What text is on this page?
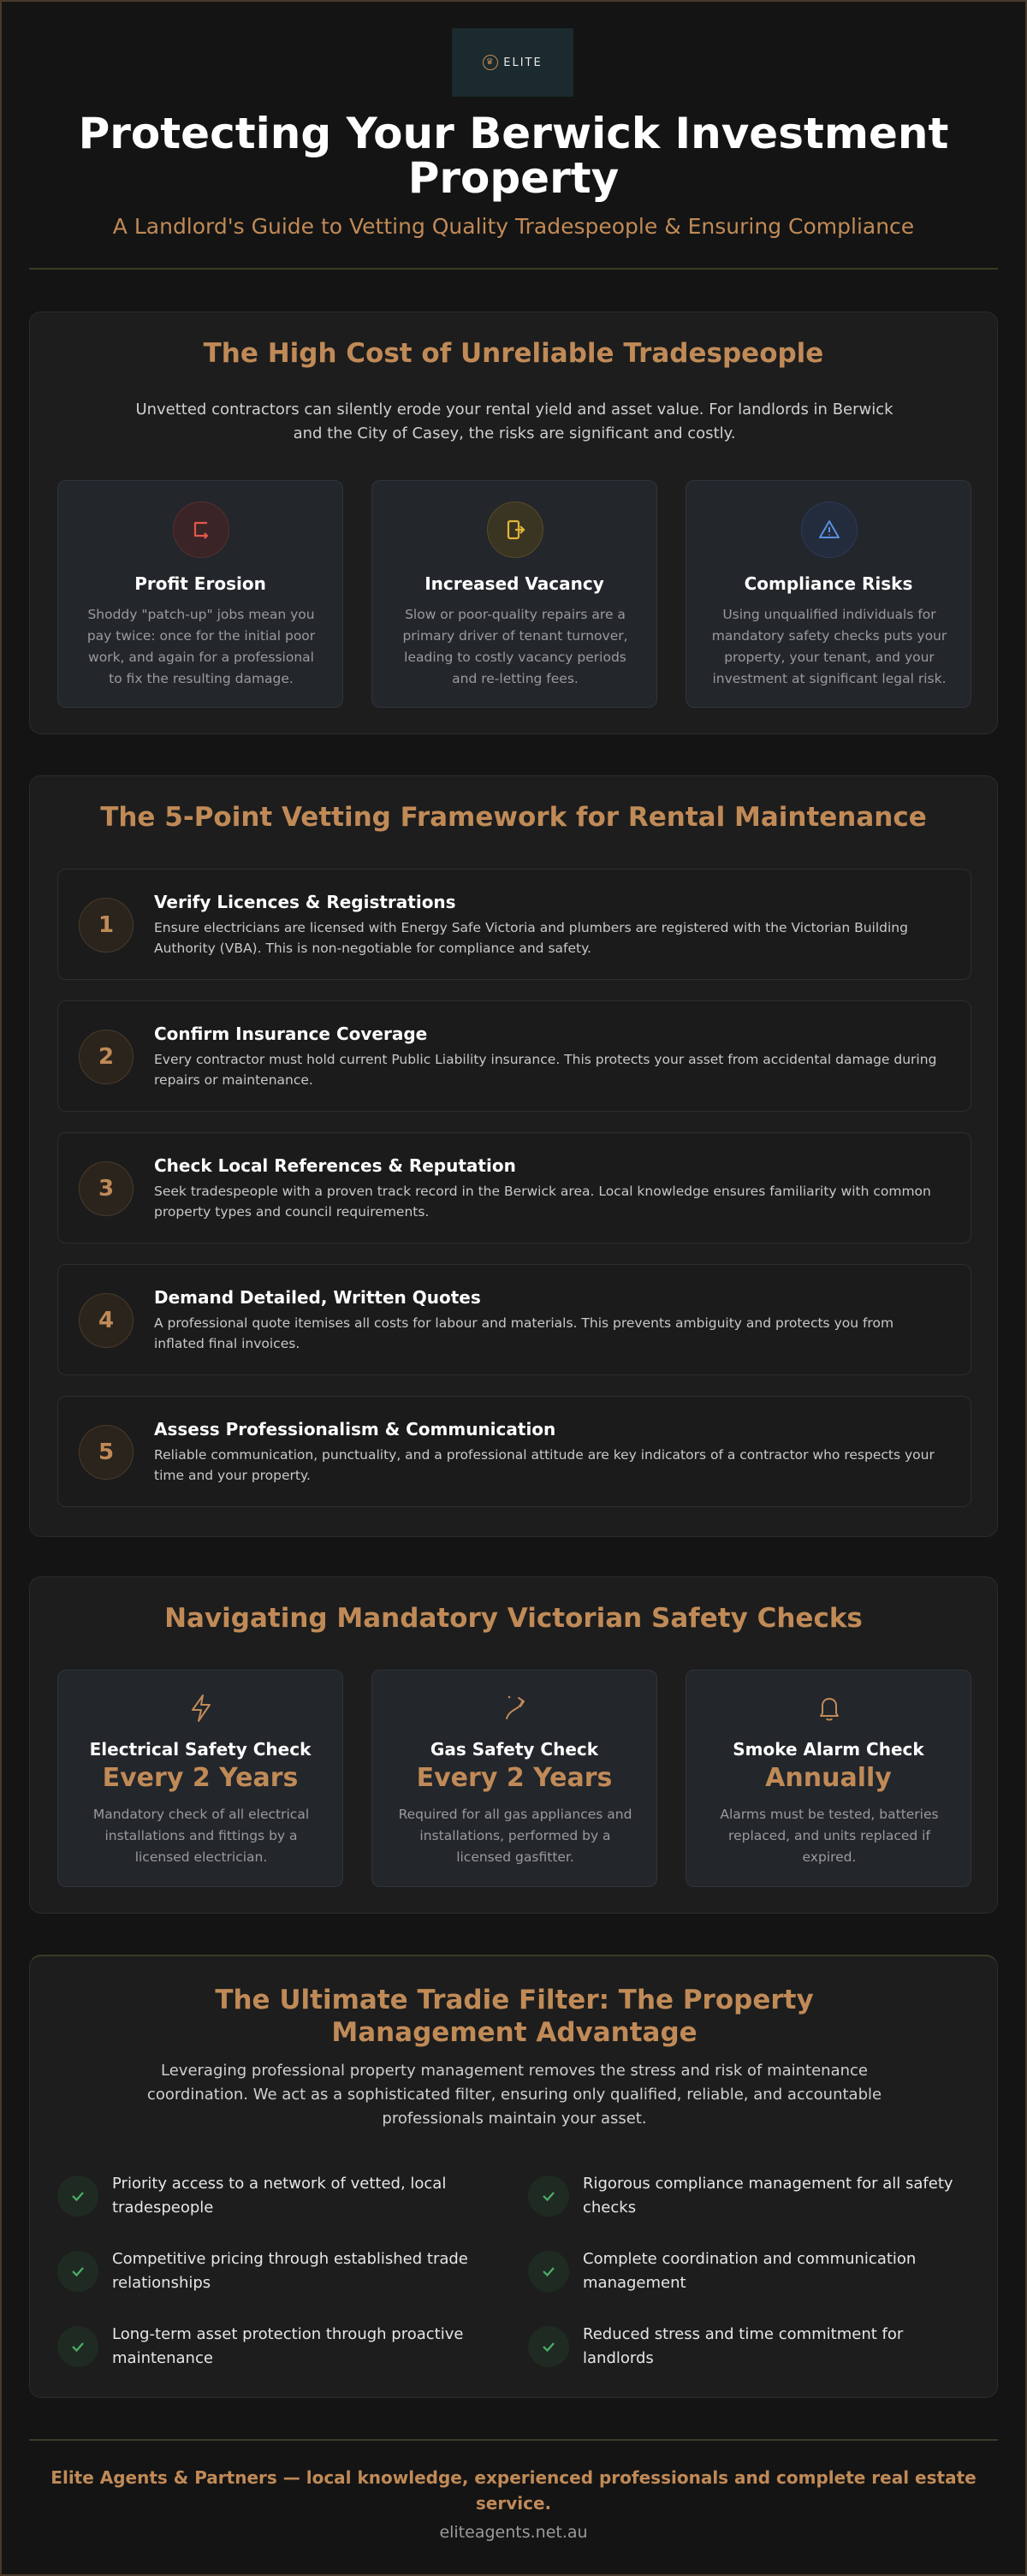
♛ ELITE
Protecting Your Berwick Investment Property
A Landlord's Guide to Vetting Quality Tradespeople & Ensuring Compliance
The High Cost of Unreliable Tradespeople

Unvetted contractors can silently erode your rental yield and asset value. For landlords in Berwick and the City of Casey, the risks are significant and costly.

Profit Erosion

Shoddy "patch-up" jobs mean you pay twice: once for the initial poor work, and again for a professional to fix the resulting damage.

Increased Vacancy

Slow or poor-quality repairs are a primary driver of tenant turnover, leading to costly vacancy periods and re-letting fees.

Compliance Risks

Using unqualified individuals for mandatory safety checks puts your property, your tenant, and your investment at significant legal risk.

The 5-Point Vetting Framework for Rental Maintenance
1
Verify Licences & Registrations

Ensure electricians are licensed with Energy Safe Victoria and plumbers are registered with the Victorian Building Authority (VBA). This is non-negotiable for compliance and safety.

2
Confirm Insurance Coverage

Every contractor must hold current Public Liability insurance. This protects your asset from accidental damage during repairs or maintenance.

3
Check Local References & Reputation

Seek tradespeople with a proven track record in the Berwick area. Local knowledge ensures familiarity with common property types and council requirements.

4
Demand Detailed, Written Quotes

A professional quote itemises all costs for labour and materials. This prevents ambiguity and protects you from inflated final invoices.

5
Assess Professionalism & Communication

Reliable communication, punctuality, and a professional attitude are key indicators of a contractor who respects your time and your property.

Navigating Mandatory Victorian Safety Checks
Electrical Safety Check
Every 2 Years

Mandatory check of all electrical installations and fittings by a licensed electrician.

Gas Safety Check
Every 2 Years

Required for all gas appliances and installations, performed by a licensed gasfitter.

Smoke Alarm Check
Annually

Alarms must be tested, batteries replaced, and units replaced if expired.

The Ultimate Tradie Filter: The Property Management Advantage

Leveraging professional property management removes the stress and risk of maintenance coordination. We act as a sophisticated filter, ensuring only qualified, reliable, and accountable professionals maintain your asset.

Priority access to a network of vetted, local tradespeople
Rigorous compliance management for all safety checks
Competitive pricing through established trade relationships
Complete coordination and communication management
Long-term asset protection through proactive maintenance
Reduced stress and time commitment for landlords
Elite Agents & Partners — local knowledge, experienced professionals and complete real estate service.
eliteagents.net.au
